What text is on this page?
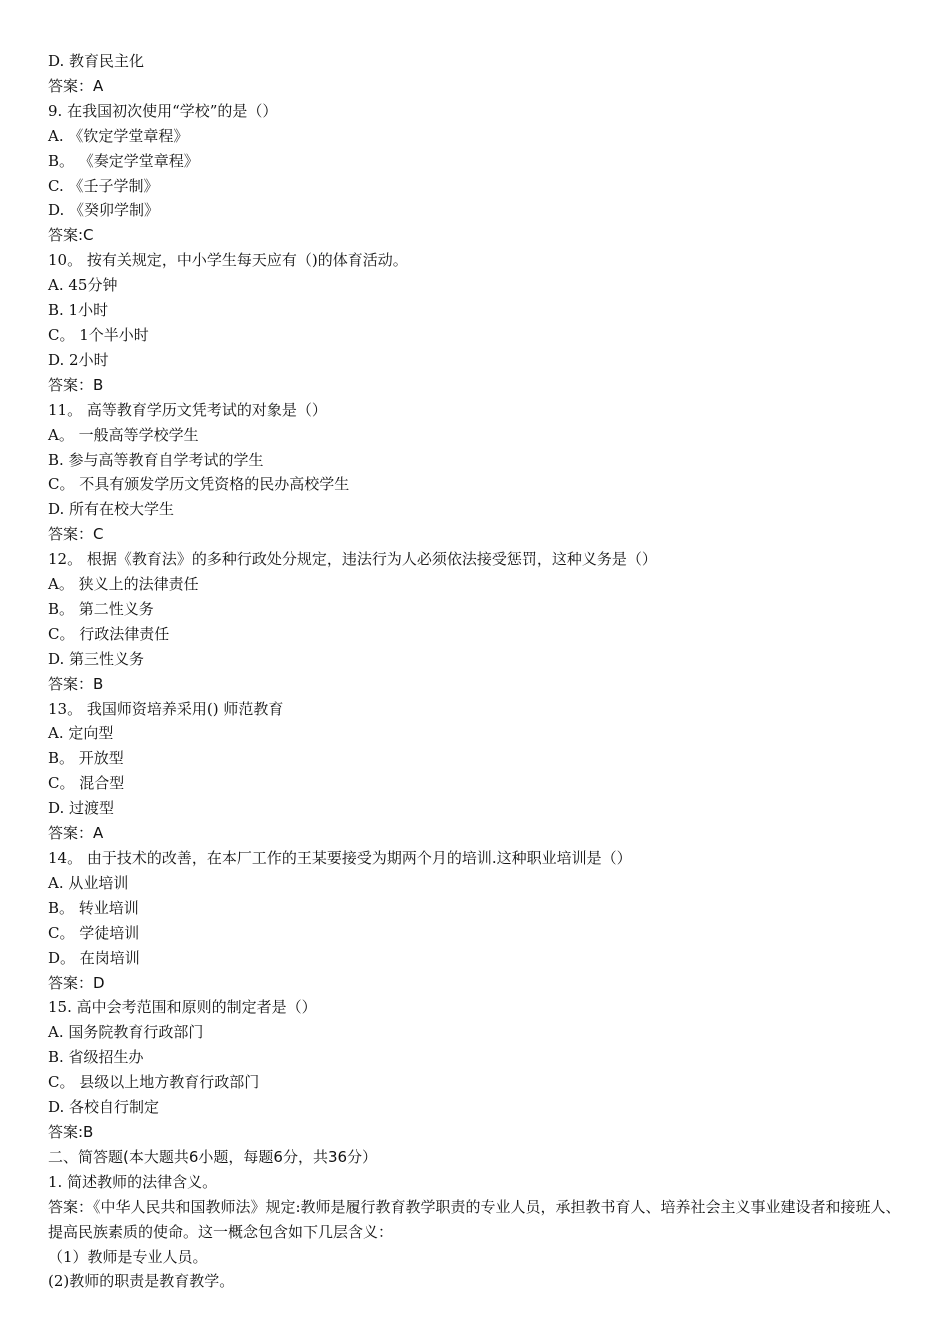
D. 教育民主化

答案：A

9. 在我国初次使用“学校”的是（）

A. 《钦定学堂章程》

B。 《奏定学堂章程》

C. 《壬子学制》

D. 《癸卯学制》

答案:C

10。 按有关规定，中小学生每天应有（)的体育活动。

A. 45分钟

B. 1小时

C。 1个半小时

D. 2小时

答案：B

11。 高等教育学历文凭考试的对象是（）

A。 一般高等学校学生

B. 参与高等教育自学考试的学生

C。 不具有颁发学历文凭资格的民办高校学生

D. 所有在校大学生

答案：C

12。 根据《教育法》的多种行政处分规定，违法行为人必须依法接受惩罚，这种义务是（）

A。 狭义上的法律责任

B。 第二性义务

C。 行政法律责任

D. 第三性义务

答案：B

13。 我国师资培养采用() 师范教育

A. 定向型

B。 开放型

C。 混合型

D. 过渡型

答案：A

14。 由于技术的改善，在本厂工作的王某要接受为期两个月的培训.这种职业培训是（）

A. 从业培训

B。 转业培训

C。 学徒培训

D。 在岗培训

答案：D

15. 高中会考范围和原则的制定者是（）

A. 国务院教育行政部门

B. 省级招生办

C。 县级以上地方教育行政部门

D. 各校自行制定

答案:B

二、简答题(本大题共6小题，每题6分，共36分）

1. 简述教师的法律含义。

答案：《中华人民共和国教师法》规定:教师是履行教育教学职责的专业人员，承担教书育人、培养社会主义事业建设者和接班人、提高民族素质的使命。这一概念包含如下几层含义：

（1）教师是专业人员。

(2)教师的职责是教育教学。
